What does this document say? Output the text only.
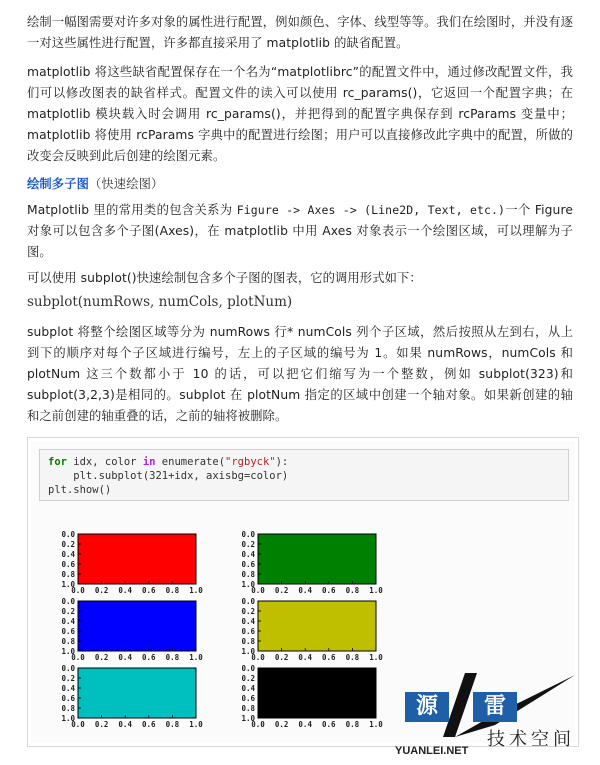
绘制一幅图需要对许多对象的属性进行配置，例如颜色、字体、线型等等。我们在绘图时，并没有逐一对这些属性进行配置，许多都直接采用了 matplotlib 的缺省配置。

matplotlib 将这些缺省配置保存在一个名为“matplotlibrc”的配置文件中，通过修改配置文件，我们可以修改图表的缺省样式。配置文件的读入可以使用 rc_params()，它返回一个配置字典；在 matplotlib 模块载入时会调用 rc_params()，并把得到的配置字典保存到 rcParams 变量中；matplotlib 将使用 rcParams 字典中的配置进行绘图；用户可以直接修改此字典中的配置，所做的改变会反映到此后创建的绘图元素。

绘制多子图（快速绘图）

Matplotlib 里的常用类的包含关系为 Figure -> Axes -> (Line2D, Text, etc.)一个 Figure 对象可以包含多个子图(Axes)，在 matplotlib 中用 Axes 对象表示一个绘图区域，可以理解为子图。

可以使用 subplot()快速绘制包含多个子图的图表，它的调用形式如下：

subplot(numRows, numCols, plotNum)

subplot 将整个绘图区域等分为 numRows 行* numCols 列个子区域，然后按照从左到右，从上到下的顺序对每个子区域进行编号，左上的子区域的编号为 1。如果 numRows，numCols 和 plotNum 这三个数都小于 10 的话，可以把它们缩写为一个整数，例如 subplot(323)和 subplot(3,2,3)是相同的。subplot 在 plotNum 指定的区域中创建一个轴对象。如果新创建的轴和之前创建的轴重叠的话，之前的轴将被删除。

for idx, color in enumerate("rgbyck"):
plt.subplot(321+idx, axisbg=color)
plt.show()
1.0
0.8
0.6
0.4
0.2
0.0
0.0 0.2 0.4 0.6 0.8 1.0
1.0
0.8
0.6
0.4
0.2
0.0
0.0 0.2 0.4 0.6 0.8 1.0
1.0
0.8
0.6
0.4
0.2
0.0
0.0 0.2 0.4 0.6 0.8 1.0
1.0
0.8
0.6
0.4
0.2
0.0
0.0 0.2 0.4 0.6 0.8 1.0
1.0
0.8
0.6
0.4
0.2
0.0
0.0 0.2 0.4 0.6 0.8 1.0
1.0
0.8
0.6
0.4
0.2
0.0
0.0 0.2 0.4 0.6 0.8 1.0
源	雷
技术空间
YUANLEI.NET
